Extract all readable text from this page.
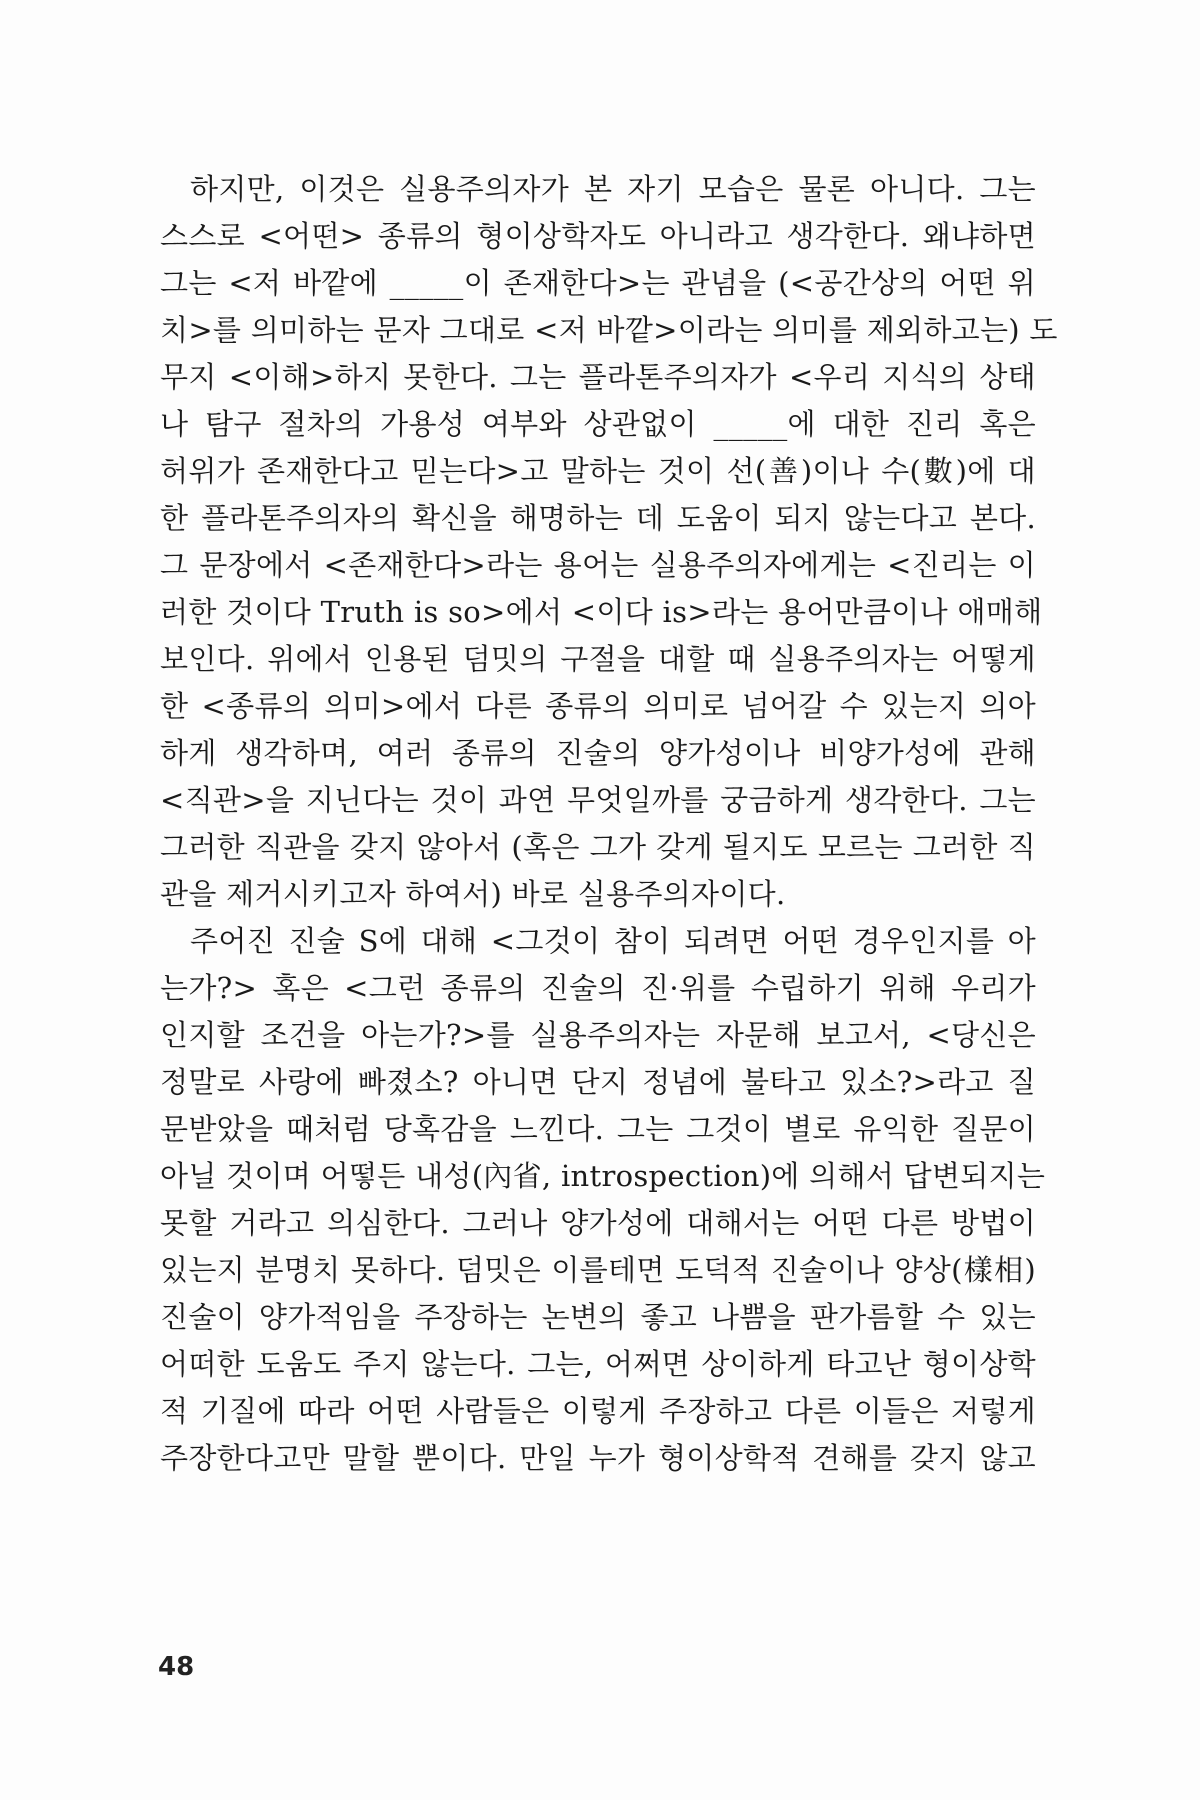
하지만, 이것은 실용주의자가 본 자기 모습은 물론 아니다. 그는
스스로 <어떤> 종류의 형이상학자도 아니라고 생각한다. 왜냐하면
그는 <저 바깥에 _____이 존재한다>는 관념을 (<공간상의 어떤 위
치>를 의미하는 문자 그대로 <저 바깥>이라는 의미를 제외하고는) 도
무지 <이해>하지 못한다. 그는 플라톤주의자가 <우리 지식의 상태
나 탐구 절차의 가용성 여부와 상관없이 _____에 대한 진리 혹은
허위가 존재한다고 믿는다>고 말하는 것이 선(善)이나 수(數)에 대
한 플라톤주의자의 확신을 해명하는 데 도움이 되지 않는다고 본다.
그 문장에서 <존재한다>라는 용어는 실용주의자에게는 <진리는 이
러한 것이다 Truth is so>에서 <이다 is>라는 용어만큼이나 애매해
보인다. 위에서 인용된 덤밋의 구절을 대할 때 실용주의자는 어떻게
한 <종류의 의미>에서 다른 종류의 의미로 넘어갈 수 있는지 의아
하게 생각하며, 여러 종류의 진술의 양가성이나 비양가성에 관해
<직관>을 지닌다는 것이 과연 무엇일까를 궁금하게 생각한다. 그는
그러한 직관을 갖지 않아서 (혹은 그가 갖게 될지도 모르는 그러한 직
관을 제거시키고자 하여서) 바로 실용주의자이다.
주어진 진술 S에 대해 <그것이 참이 되려면 어떤 경우인지를 아
는가?> 혹은 <그런 종류의 진술의 진·위를 수립하기 위해 우리가
인지할 조건을 아는가?>를 실용주의자는 자문해 보고서, <당신은
정말로 사랑에 빠졌소? 아니면 단지 정념에 불타고 있소?>라고 질
문받았을 때처럼 당혹감을 느낀다. 그는 그것이 별로 유익한 질문이
아닐 것이며 어떻든 내성(內省, introspection)에 의해서 답변되지는
못할 거라고 의심한다. 그러나 양가성에 대해서는 어떤 다른 방법이
있는지 분명치 못하다. 덤밋은 이를테면 도덕적 진술이나 양상(樣相)
진술이 양가적임을 주장하는 논변의 좋고 나쁨을 판가름할 수 있는
어떠한 도움도 주지 않는다. 그는, 어쩌면 상이하게 타고난 형이상학
적 기질에 따라 어떤 사람들은 이렇게 주장하고 다른 이들은 저렇게
주장한다고만 말할 뿐이다. 만일 누가 형이상학적 견해를 갖지 않고
48
